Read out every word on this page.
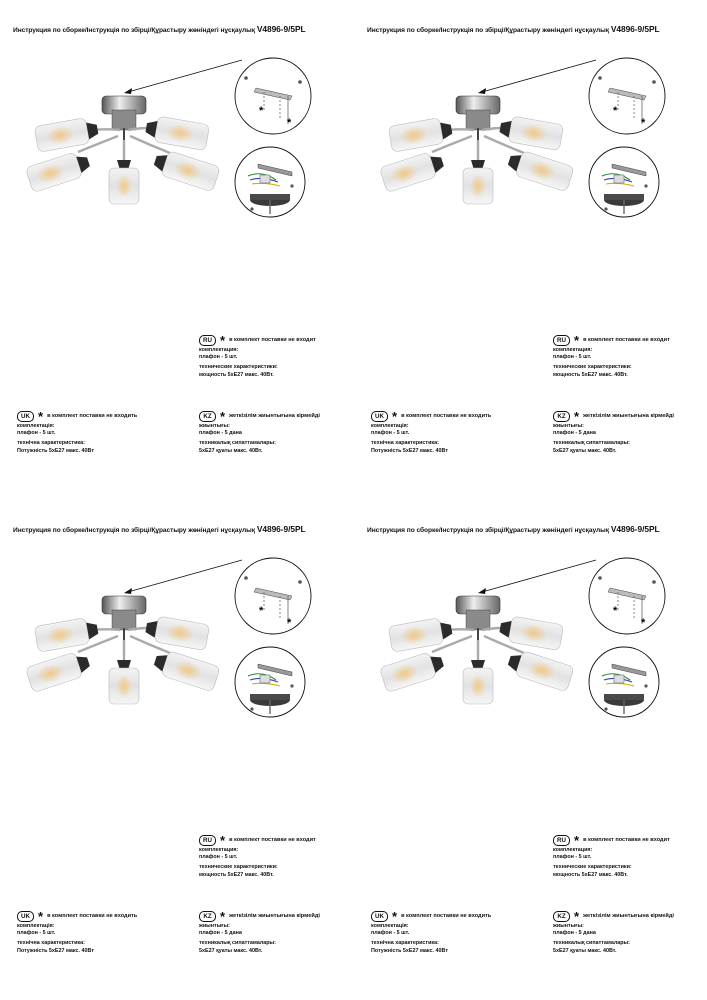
Инструкция по сборке/Інструкція по збірці/Құрастыру жөніндегі нұсқаулық V4896-9/5PL
*
*
RU * в комплект поставки не входит
комплектация:
плафон - 5 шт.
технические характеристики:
мощность 5хЕ27 макс. 40Вт.
UK * в комплект поставки не входить
комплектація:
плафон - 5 шт.
технічна характеристика:
Потужність 5хЕ27 макс. 40Вт
KZ * жеткізілім жиынтығына кірмейді
жиынтығы:
плафон - 5 дана
техникалық сипаттамалары:
5хЕ27 қуаты макс. 40Вт.
Инструкция по сборке/Інструкція по збірці/Құрастыру жөніндегі нұсқаулық V4896-9/5PL
*
*
RU * в комплект поставки не входит
комплектация:
плафон - 5 шт.
технические характеристики:
мощность 5хЕ27 макс. 40Вт.
UK * в комплект поставки не входить
комплектація:
плафон - 5 шт.
технічна характеристика:
Потужність 5хЕ27 макс. 40Вт
KZ * жеткізілім жиынтығына кірмейді
жиынтығы:
плафон - 5 дана
техникалық сипаттамалары:
5хЕ27 қуаты макс. 40Вт.
Инструкция по сборке/Інструкція по збірці/Құрастыру жөніндегі нұсқаулық V4896-9/5PL
*
*
RU * в комплект поставки не входит
комплектация:
плафон - 5 шт.
технические характеристики:
мощность 5хЕ27 макс. 40Вт.
UK * в комплект поставки не входить
комплектація:
плафон - 5 шт.
технічна характеристика:
Потужність 5хЕ27 макс. 40Вт
KZ * жеткізілім жиынтығына кірмейді
жиынтығы:
плафон - 5 дана
техникалық сипаттамалары:
5хЕ27 қуаты макс. 40Вт.
Инструкция по сборке/Інструкція по збірці/Құрастыру жөніндегі нұсқаулық V4896-9/5PL
*
*
RU * в комплект поставки не входит
комплектация:
плафон - 5 шт.
технические характеристики:
мощность 5хЕ27 макс. 40Вт.
UK * в комплект поставки не входить
комплектація:
плафон - 5 шт.
технічна характеристика:
Потужність 5хЕ27 макс. 40Вт
KZ * жеткізілім жиынтығына кірмейді
жиынтығы:
плафон - 5 дана
техникалық сипаттамалары:
5хЕ27 қуаты макс. 40Вт.
